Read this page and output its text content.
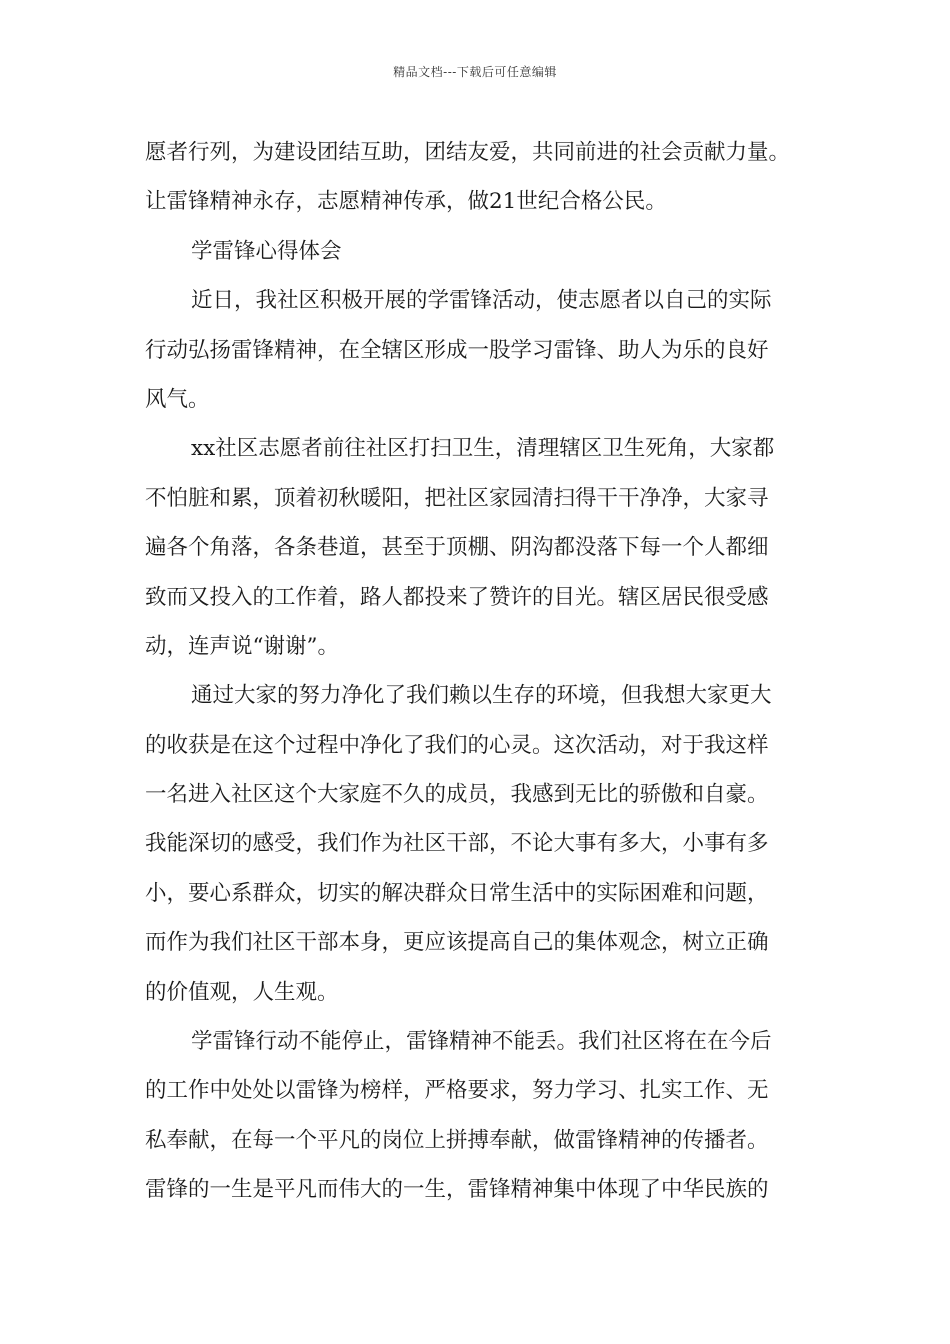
精品文档---下载后可任意编辑
愿者行列，为建设团结互助，团结友爱，共同前进的社会贡献力量。
让雷锋精神永存，志愿精神传承，做21世纪合格公民。
学雷锋心得体会
近日，我社区积极开展的学雷锋活动，使志愿者以自己的实际
行动弘扬雷锋精神，在全辖区形成一股学习雷锋、助人为乐的良好
风气。
xx社区志愿者前往社区打扫卫生，清理辖区卫生死角，大家都
不怕脏和累，顶着初秋暖阳，把社区家园清扫得干干净净，大家寻
遍各个角落，各条巷道，甚至于顶棚、阴沟都没落下每一个人都细
致而又投入的工作着，路人都投来了赞许的目光。辖区居民很受感
动，连声说“谢谢”。
通过大家的努力净化了我们赖以生存的环境，但我想大家更大
的收获是在这个过程中净化了我们的心灵。这次活动，对于我这样
一名进入社区这个大家庭不久的成员，我感到无比的骄傲和自豪。
我能深切的感受，我们作为社区干部，不论大事有多大，小事有多
小，要心系群众，切实的解决群众日常生活中的实际困难和问题，
而作为我们社区干部本身，更应该提高自己的集体观念，树立正确
的价值观，人生观。
学雷锋行动不能停止，雷锋精神不能丢。我们社区将在在今后
的工作中处处以雷锋为榜样，严格要求，努力学习、扎实工作、无
私奉献，在每一个平凡的岗位上拼搏奉献，做雷锋精神的传播者。
雷锋的一生是平凡而伟大的一生，雷锋精神集中体现了中华民族的
